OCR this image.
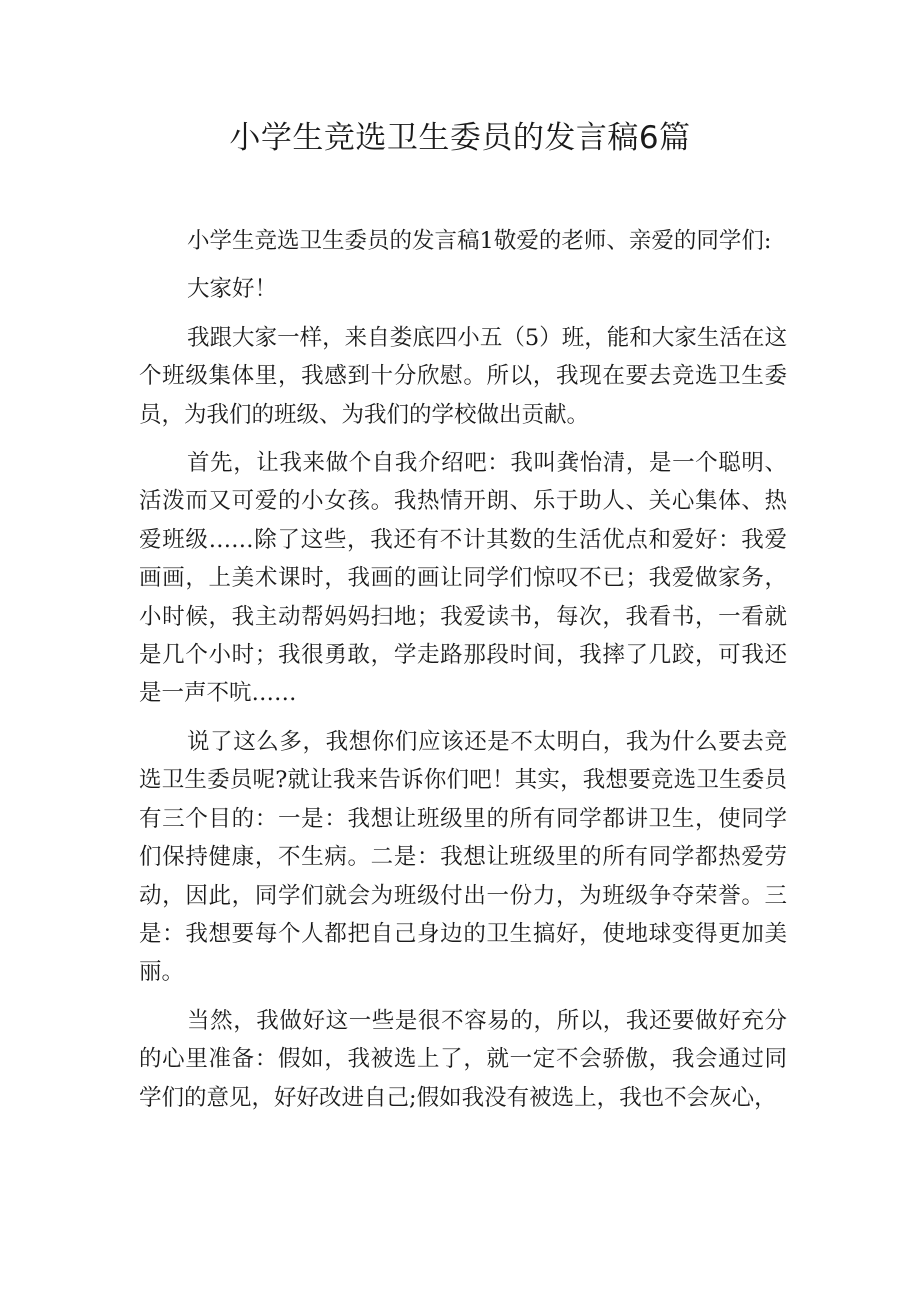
小学生竞选卫生委员的发言稿6篇

小学生竞选卫生委员的发言稿1敬爱的老师、亲爱的同学们:

大家好！

我跟大家一样，来自娄底四小五（5）班，能和大家生活在这个班级集体里，我感到十分欣慰。所以，我现在要去竞选卫生委员，为我们的班级、为我们的学校做出贡献。

首先，让我来做个自我介绍吧：我叫龚怡清，是一个聪明、活泼而又可爱的小女孩。我热情开朗、乐于助人、关心集体、热爱班级……除了这些，我还有不计其数的生活优点和爱好：我爱画画，上美术课时，我画的画让同学们惊叹不已；我爱做家务，小时候，我主动帮妈妈扫地；我爱读书，每次，我看书，一看就是几个小时；我很勇敢，学走路那段时间，我摔了几跤，可我还是一声不吭……

说了这么多，我想你们应该还是不太明白，我为什么要去竞选卫生委员呢?就让我来告诉你们吧！其实，我想要竞选卫生委员有三个目的：一是：我想让班级里的所有同学都讲卫生，使同学们保持健康，不生病。二是：我想让班级里的所有同学都热爱劳动，因此，同学们就会为班级付出一份力，为班级争夺荣誉。三是：我想要每个人都把自己身边的卫生搞好，使地球变得更加美丽。

当然，我做好这一些是很不容易的，所以，我还要做好充分的心里准备：假如，我被选上了，就一定不会骄傲，我会通过同学们的意见，好好改进自己;假如我没有被选上，我也不会灰心，
